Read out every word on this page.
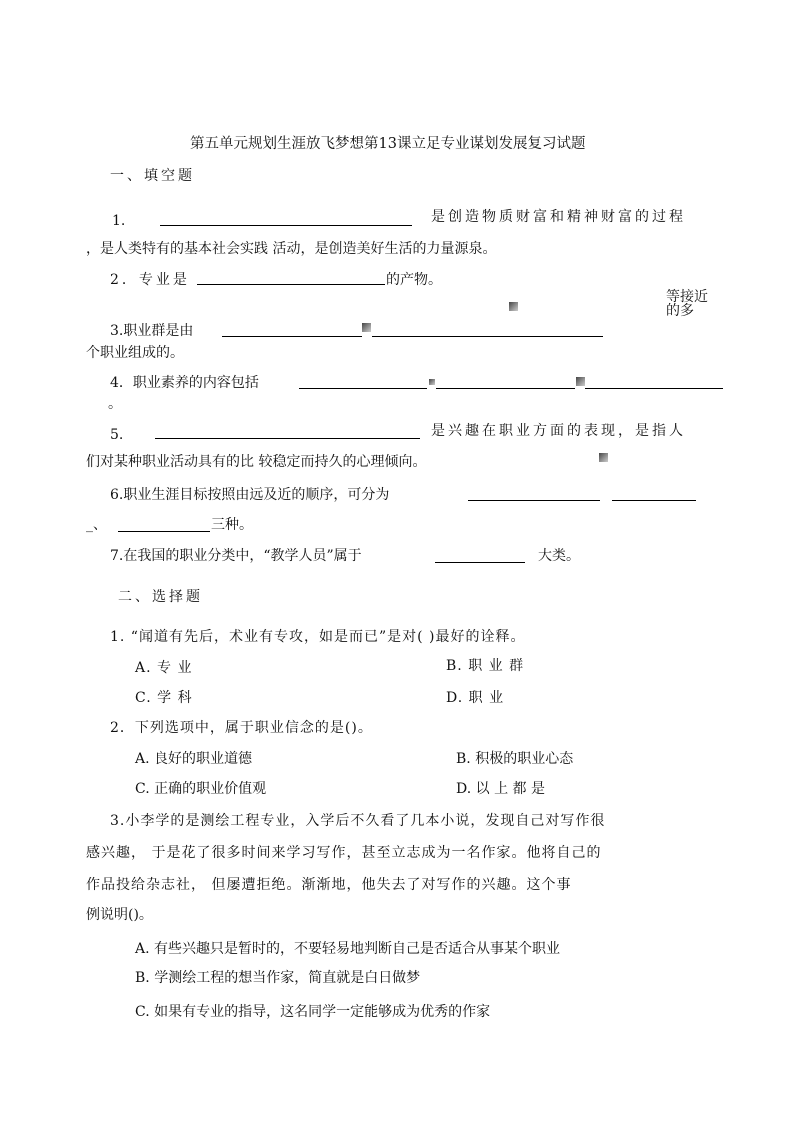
第五单元规划生涯放飞梦想第13课立足专业谋划发展复习试题
一、填空题
1.	是创造物质财富和精神财富的过程
，是人类特有的基本社会实践 活动，是创造美好生活的力量源泉。
2．专业是	的产物。
等接近
的多
3.职业群是由
个职业组成的。
4．职业素养的内容包括
。
5.	是兴趣在职业方面的表现，是指人
们对某种职业活动具有的比 较稳定而持久的心理倾向。
6.职业生涯目标按照由远及近的顺序，可分为
_、	三种。
7.在我国的职业分类中，“教学人员”属于	大类。
二、选择题
1. “闻道有先后，术业有专攻，如是而已”是对( )最好的诠释。
A. 专 业	B. 职 业 群
C. 学 科	D. 职 业
2．下列选项中，属于职业信念的是()。
A. 良好的职业道德	B. 积极的职业心态
C. 正确的职业价值观	D. 以 上 都 是
3.小李学的是测绘工程专业，入学后不久看了几本小说，发现自己对写作很
感兴趣， 于是花了很多时间来学习写作，甚至立志成为一名作家。他将自己的
作品投给杂志社， 但屡遭拒绝。渐渐地，他失去了对写作的兴趣。这个事
例说明()。
A. 有些兴趣只是暂时的，不要轻易地判断自己是否适合从事某个职业
B. 学测绘工程的想当作家，简直就是白日做梦
C. 如果有专业的指导，这名同学一定能够成为优秀的作家
